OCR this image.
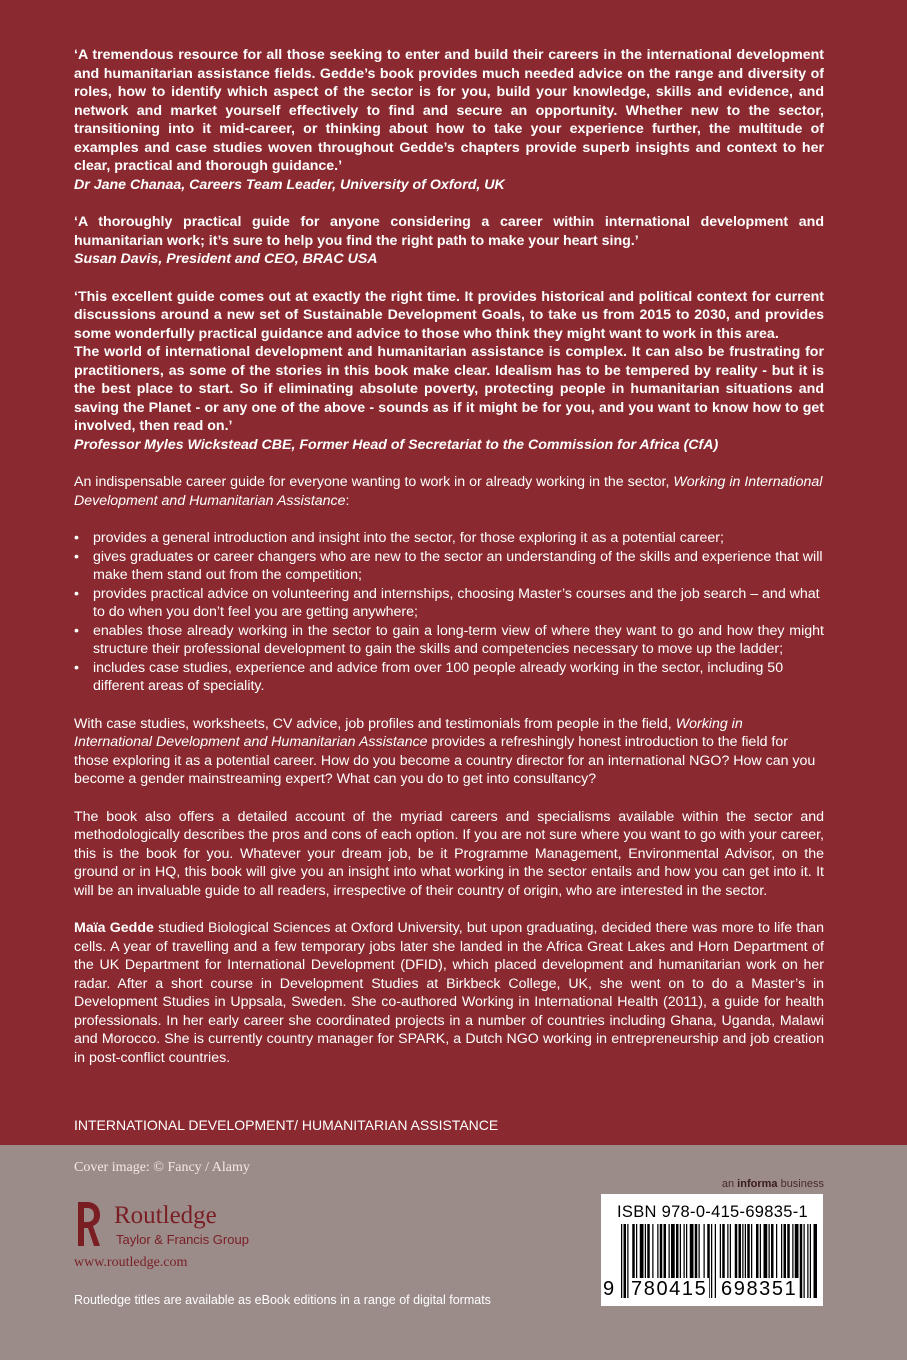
‘A tremendous resource for all those seeking to enter and build their careers in the international development and humanitarian assistance fields. Gedde’s book provides much needed advice on the range and diversity of roles, how to identify which aspect of the sector is for you, build your knowledge, skills and evidence, and network and market yourself effectively to find and secure an opportunity. Whether new to the sector, transitioning into it mid-career, or thinking about how to take your experience further, the multitude of examples and case studies woven throughout Gedde’s chapters provide superb insights and context to her clear, practical and thorough guidance.’

Dr Jane Chanaa, Careers Team Leader, University of Oxford, UK

‘A thoroughly practical guide for anyone considering a career within international development and humanitarian work; it’s sure to help you find the right path to make your heart sing.’

Susan Davis, President and CEO, BRAC USA

‘This excellent guide comes out at exactly the right time. It provides historical and political context for current discussions around a new set of Sustainable Development Goals, to take us from 2015 to 2030, and provides some wonderfully practical guidance and advice to those who think they might want to work in this area.

The world of international development and humanitarian assistance is complex. It can also be frustrating for practitioners, as some of the stories in this book make clear. Idealism has to be tempered by reality - but it is the best place to start. So if eliminating absolute poverty, protecting people in humanitarian situations and saving the Planet - or any one of the above - sounds as if it might be for you, and you want to know how to get involved, then read on.’

Professor Myles Wickstead CBE, Former Head of Secretariat to the Commission for Africa (CfA)

An indispensable career guide for everyone wanting to work in or already working in the sector, Working in International Development and Humanitarian Assistance:

• provides a general introduction and insight into the sector, for those exploring it as a potential career;
• gives graduates or career changers who are new to the sector an understanding of the skills and experience that will make them stand out from the competition;
• provides practical advice on volunteering and internships, choosing Master’s courses and the job search – and what to do when you don’t feel you are getting anywhere;
• enables those already working in the sector to gain a long-term view of where they want to go and how they might structure their professional development to gain the skills and competencies necessary to move up the ladder;
• includes case studies, experience and advice from over 100 people already working in the sector, including 50 different areas of speciality.

With case studies, worksheets, CV advice, job profiles and testimonials from people in the field, Working in International Development and Humanitarian Assistance provides a refreshingly honest introduction to the field for those exploring it as a potential career. How do you become a country director for an international NGO? How can you become a gender mainstreaming expert? What can you do to get into consultancy?

The book also offers a detailed account of the myriad careers and specialisms available within the sector and methodologically describes the pros and cons of each option. If you are not sure where you want to go with your career, this is the book for you. Whatever your dream job, be it Programme Management, Environmental Advisor, on the ground or in HQ, this book will give you an insight into what working in the sector entails and how you can get into it. It will be an invaluable guide to all readers, irrespective of their country of origin, who are interested in the sector.

Maïa Gedde studied Biological Sciences at Oxford University, but upon graduating, decided there was more to life than cells. A year of travelling and a few temporary jobs later she landed in the Africa Great Lakes and Horn Department of the UK Department for International Development (DFID), which placed development and humanitarian work on her radar. After a short course in Development Studies at Birkbeck College, UK, she went on to do a Master’s in Development Studies in Uppsala, Sweden. She co-authored Working in International Health (2011), a guide for health professionals. In her early career she coordinated projects in a number of countries including Ghana, Uganda, Malawi and Morocco. She is currently country manager for SPARK, a Dutch NGO working in entrepreneurship and job creation in post-conflict countries.

INTERNATIONAL DEVELOPMENT/ HUMANITARIAN ASSISTANCE
Cover image: © Fancy / Alamy
an informa business
Routledge
Taylor & Francis Group
www.routledge.com
Routledge titles are available as eBook editions in a range of digital formats
ISBN 978-0-415-69835-1
9 780415 698351
